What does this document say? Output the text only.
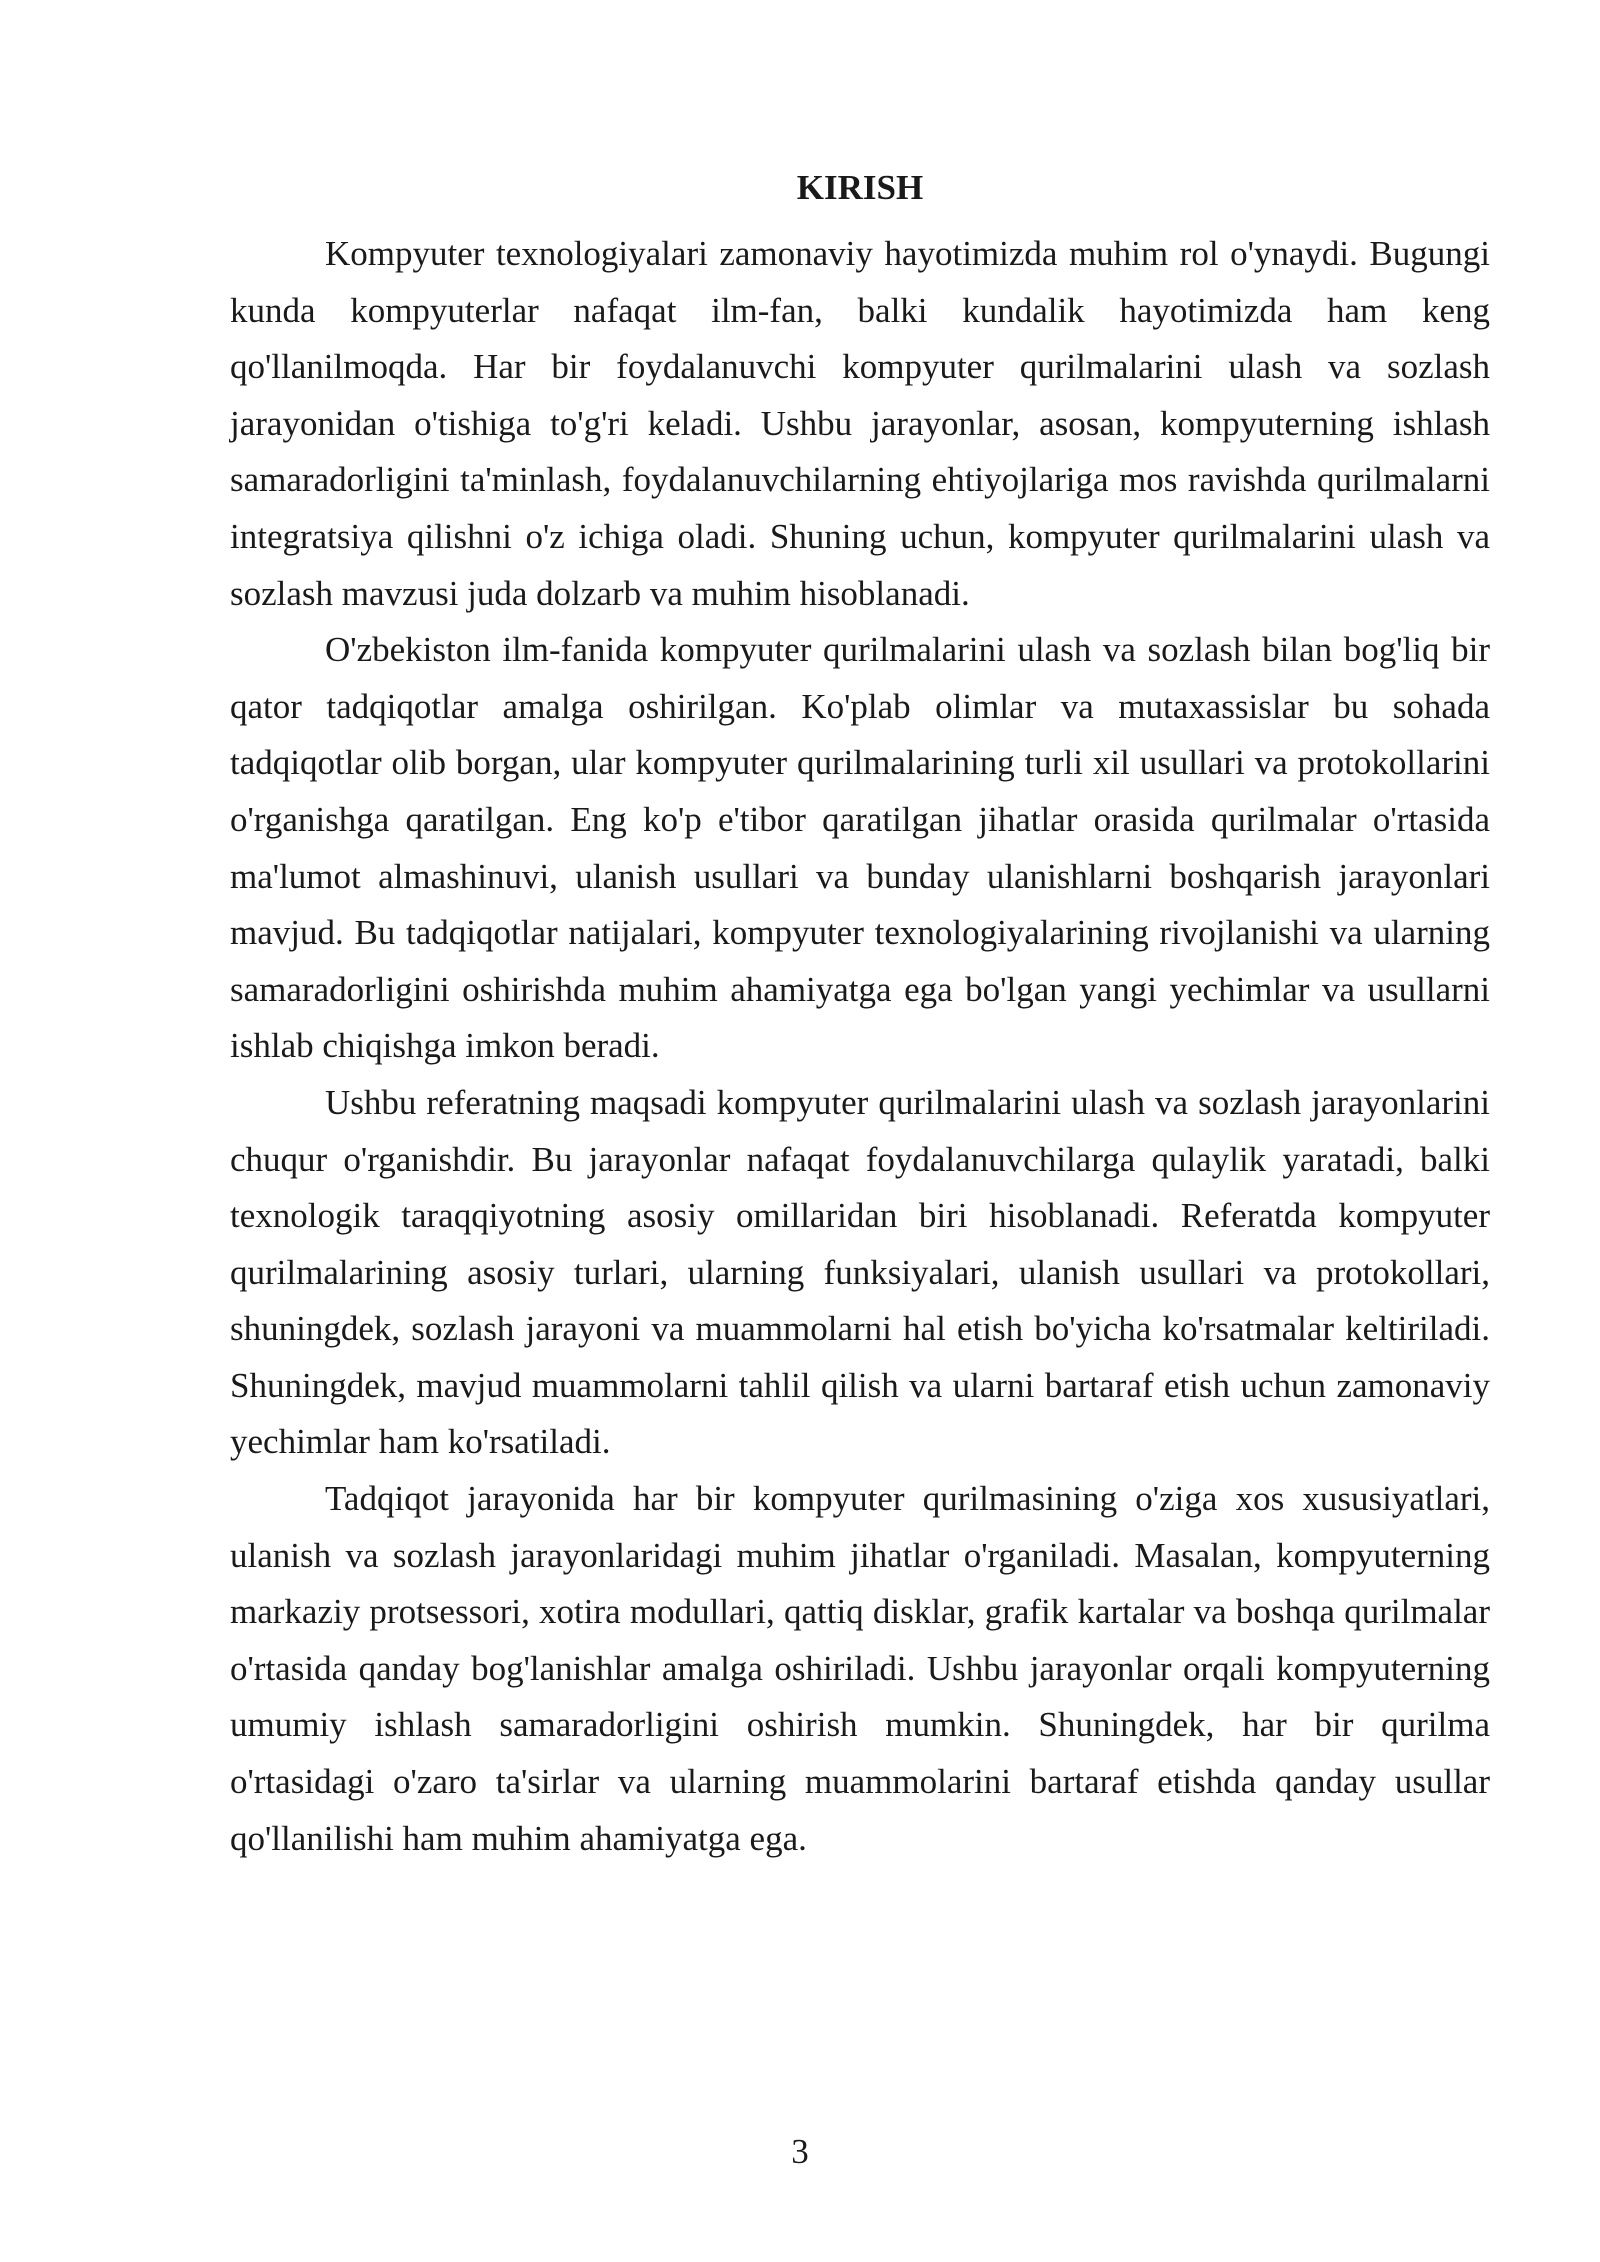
KIRISH

Kompyuter texnologiyalari zamonaviy hayotimizda muhim rol o'ynaydi. Bugungi kunda kompyuterlar nafaqat ilm-fan, balki kundalik hayotimizda ham keng qo'llanilmoqda. Har bir foydalanuvchi kompyuter qurilmalarini ulash va sozlash jarayonidan o'tishiga to'g'ri keladi. Ushbu jarayonlar, asosan, kompyuterning ishlash samaradorligini ta'minlash, foydalanuvchilarning ehtiyojlariga mos ravishda qurilmalarni integratsiya qilishni o'z ichiga oladi. Shuning uchun, kompyuter qurilmalarini ulash va sozlash mavzusi juda dolzarb va muhim hisoblanadi.

O'zbekiston ilm-fanida kompyuter qurilmalarini ulash va sozlash bilan bog'liq bir qator tadqiqotlar amalga oshirilgan. Ko'plab olimlar va mutaxassislar bu sohada tadqiqotlar olib borgan, ular kompyuter qurilmalarining turli xil usullari va protokollarini o'rganishga qaratilgan. Eng ko'p e'tibor qaratilgan jihatlar orasida qurilmalar o'rtasida ma'lumot almashinuvi, ulanish usullari va bunday ulanishlarni boshqarish jarayonlari mavjud. Bu tadqiqotlar natijalari, kompyuter texnologiyalarining rivojlanishi va ularning samaradorligini oshirishda muhim ahamiyatga ega bo'lgan yangi yechimlar va usullarni ishlab chiqishga imkon beradi.

Ushbu referatning maqsadi kompyuter qurilmalarini ulash va sozlash jarayonlarini chuqur o'rganishdir. Bu jarayonlar nafaqat foydalanuvchilarga qulaylik yaratadi, balki texnologik taraqqiyotning asosiy omillaridan biri hisoblanadi. Referatda kompyuter qurilmalarining asosiy turlari, ularning funksiyalari, ulanish usullari va protokollari, shuningdek, sozlash jarayoni va muammolarni hal etish bo'yicha ko'rsatmalar keltiriladi. Shuningdek, mavjud muammolarni tahlil qilish va ularni bartaraf etish uchun zamonaviy yechimlar ham ko'rsatiladi.

Tadqiqot jarayonida har bir kompyuter qurilmasining o'ziga xos xususiyatlari, ulanish va sozlash jarayonlaridagi muhim jihatlar o'rganiladi. Masalan, kompyuterning markaziy protsessori, xotira modullari, qattiq disklar, grafik kartalar va boshqa qurilmalar o'rtasida qanday bog'lanishlar amalga oshiriladi. Ushbu jarayonlar orqali kompyuterning umumiy ishlash samaradorligini oshirish mumkin. Shuningdek, har bir qurilma o'rtasidagi o'zaro ta'sirlar va ularning muammolarini bartaraf etishda qanday usullar qo'llanilishi ham muhim ahamiyatga ega.

3
